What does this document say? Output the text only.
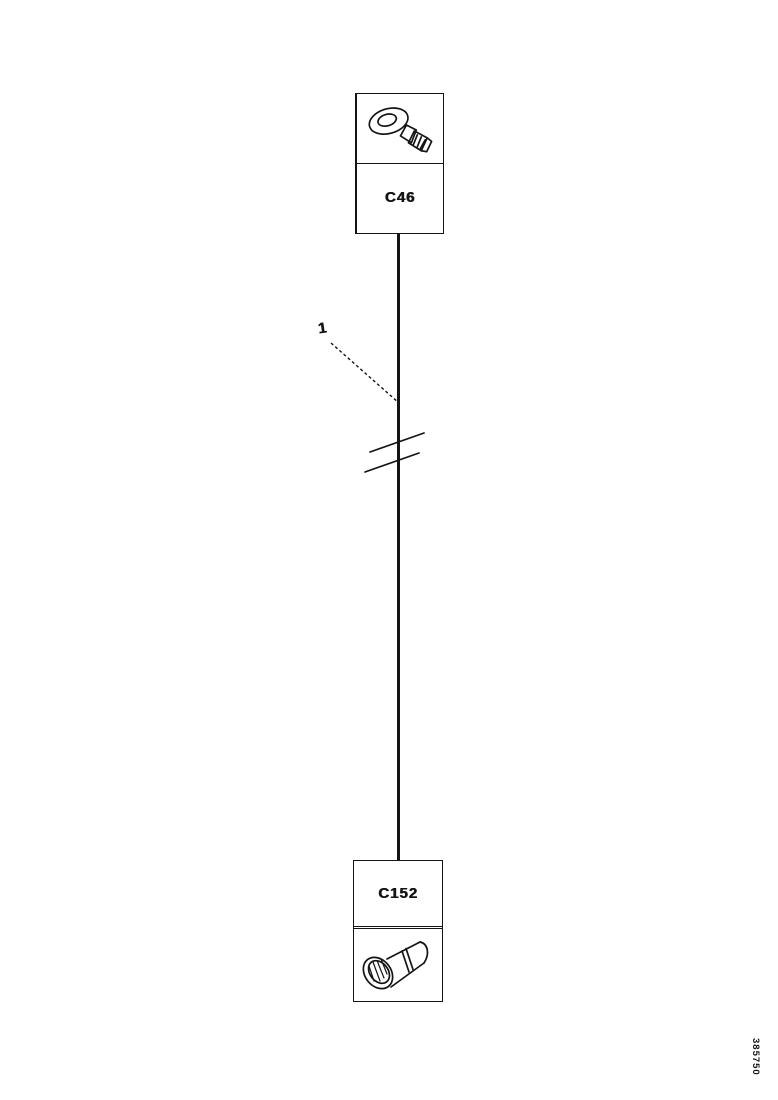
C46
1
C152
385750
